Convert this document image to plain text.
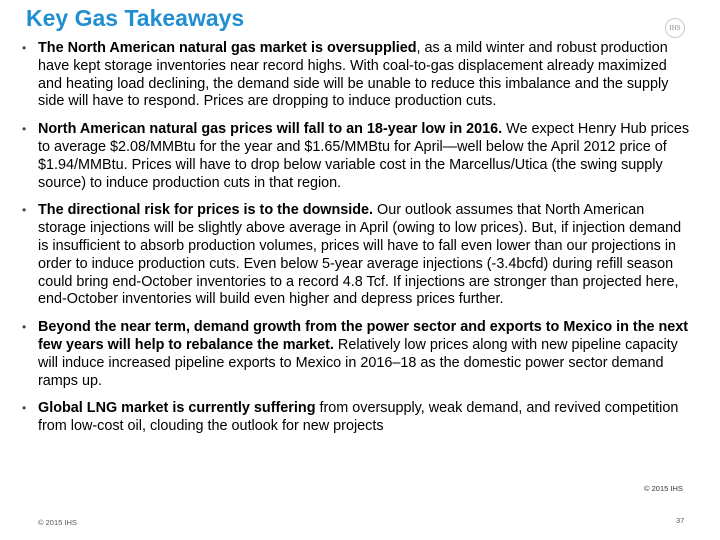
Key Gas Takeaways	IHS
• The North American natural gas market is oversupplied, as a mild winter and robust production have kept storage inventories near record highs. With coal-to-gas displacement already maximized and heating load declining, the demand side will be unable to reduce this imbalance and the supply side will have to respond. Prices are dropping to induce production cuts.
• North American natural gas prices will fall to an 18-year low in 2016. We expect Henry Hub prices to average $2.08/MMBtu for the year and $1.65/MMBtu for April—well below the April 2012 price of $1.94/MMBtu. Prices will have to drop below variable cost in the Marcellus/Utica (the swing supply source) to induce production cuts in that region.
• The directional risk for prices is to the downside. Our outlook assumes that North American storage injections will be slightly above average in April (owing to low prices). But, if injection demand is insufficient to absorb production volumes, prices will have to fall even lower than our projections in order to induce production cuts. Even below 5-year average injections (-3.4bcfd) during refill season could bring end-October inventories to a record 4.8 Tcf. If injections are stronger than projected here, end-October inventories will build even higher and depress prices further.
• Beyond the near term, demand growth from the power sector and exports to Mexico in the next few years will help to rebalance the market. Relatively low prices along with new pipeline capacity will induce increased pipeline exports to Mexico in 2016–18 as the domestic power sector demand ramps up.
• Global LNG market is currently suffering from oversupply, weak demand, and revived competition from low-cost oil, clouding the outlook for new projects
© 2015 IHS
© 2015 IHS	37
